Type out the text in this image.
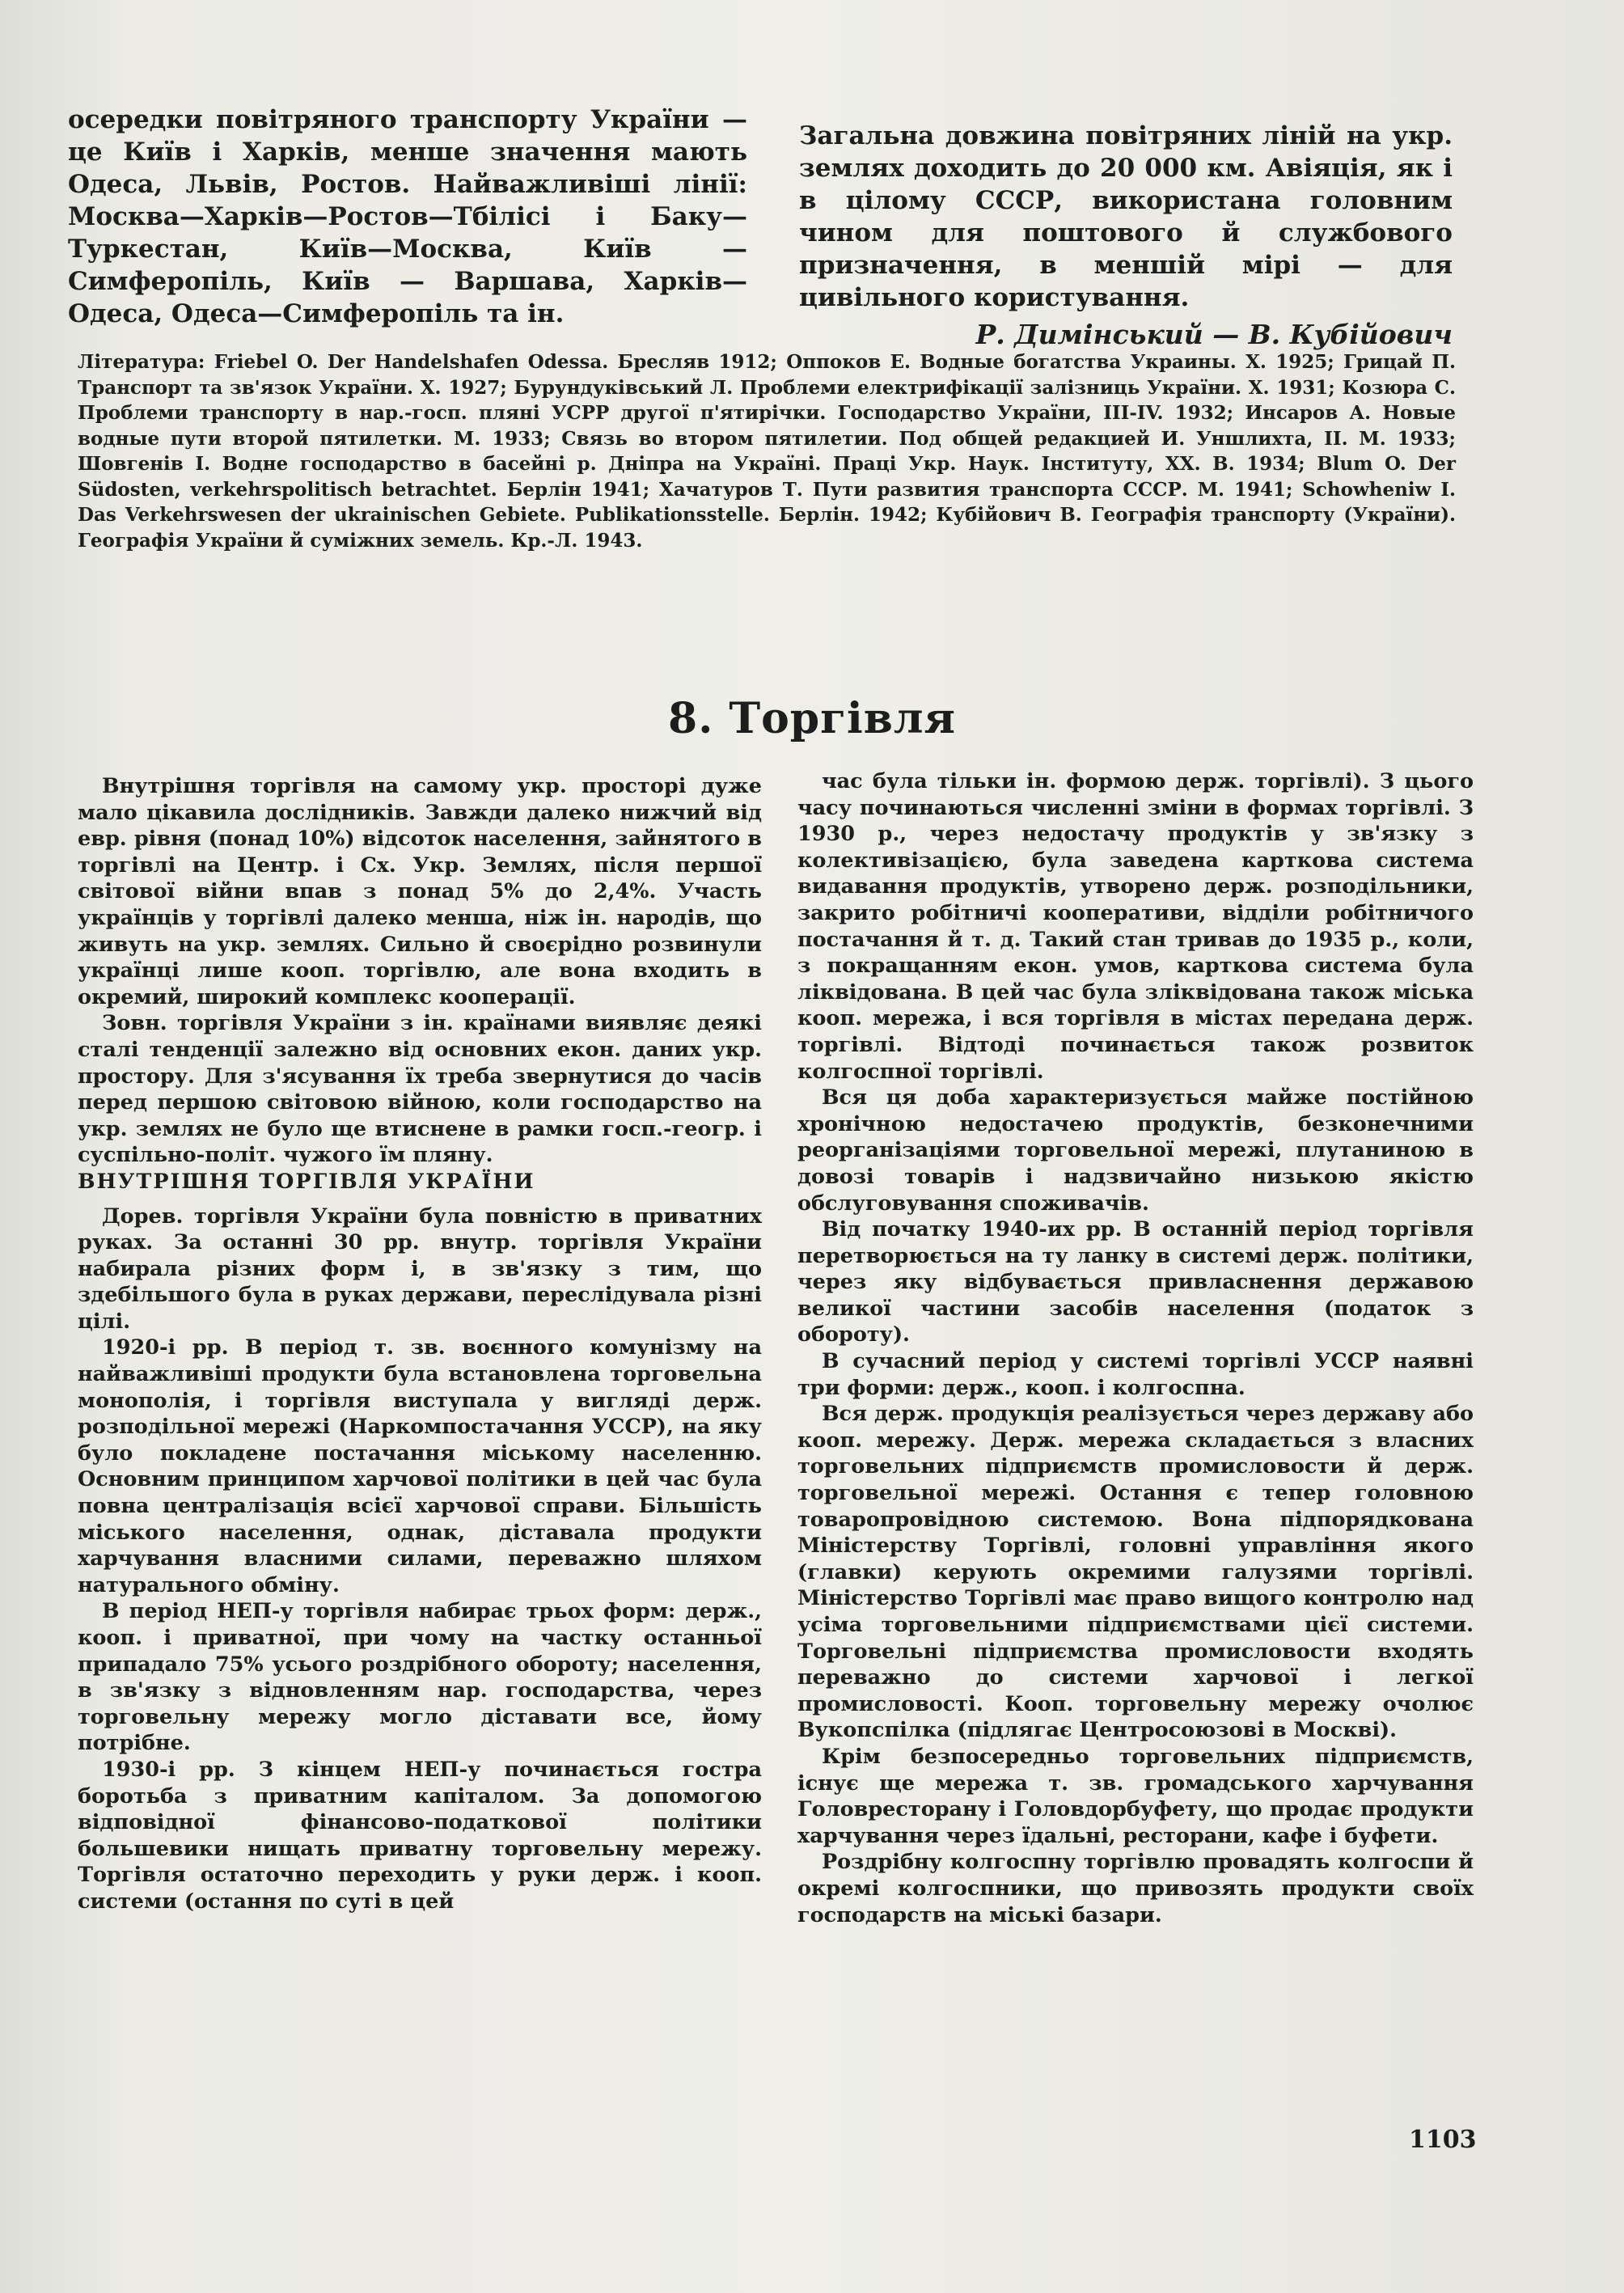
осередки повітряного транспорту України — це Київ і Харків, менше значення мають Одеса, Львів, Ростов. Найважливіші лінії: Москва—Харків—Ростов—Тбілісі і Баку—Туркестан, Київ—Москва, Київ — Симферопіль, Київ — Варшава, Харків—Одеса, Одеса—Симферопіль та ін.

Загальна довжина повітряних ліній на укр. землях доходить до 20 000 км. Авіяція, як і в цілому СССР, використана головним чином для поштового й службового призначення, в меншій мірі — для цивільного користування.

Р. Димінський — В. Кубійович

Література: Friebel O. Der Handelshafen Odessa. Бресляв 1912; Оппоков Е. Водные богатства Украины. Х. 1925; Грицай П. Транспорт та зв'язок України. Х. 1927; Бурундуківський Л. Проблеми електрифікації залізниць України. Х. 1931; Козюра С. Проблеми транспорту в нар.-госп. пляні УСРР другої п'ятирічки. Господарство України, III-IV. 1932; Инсаров А. Новые водные пути второй пятилетки. М. 1933; Связь во втором пятилетии. Под общей редакцией И. Уншлихта, II. М. 1933; Шовгенів І. Водне господарство в басейні р. Дніпра на Україні. Праці Укр. Наук. Інституту, XX. В. 1934; Blum O. Der Südosten, verkehrspolitisch betrachtet. Берлін 1941; Хачатуров Т. Пути развития транспорта СССР. М. 1941; Schowheniw I. Das Verkehrswesen der ukrainischen Gebiete. Publikationsstelle. Берлін. 1942; Кубійович В. Географія транспорту (України). Географія України й суміжних земель. Кр.-Л. 1943.

8. Торгівля

Внутрішня торгівля на самому укр. просторі дуже мало цікавила дослідників. Завжди далеко нижчий від евр. рівня (понад 10%) відсоток населення, зайнятого в торгівлі на Центр. і Сх. Укр. Землях, після першої світової війни впав з понад 5% до 2,4%. Участь українців у торгівлі далеко менша, ніж ін. народів, що живуть на укр. землях. Сильно й своєрідно розвинули українці лише кооп. торгівлю, але вона входить в окремий, широкий комплекс кооперації.

Зовн. торгівля України з ін. країнами виявляє деякі сталі тенденції залежно від основних екон. даних укр. простору. Для з'ясування їх треба звернутися до часів перед першою світовою війною, коли господарство на укр. землях не було ще втиснене в рамки госп.-геогр. і суспільно-політ. чужого їм пляну.

ВНУТРІШНЯ ТОРГІВЛЯ УКРАЇНИ

Дорев. торгівля України була повністю в приватних руках. За останні 30 рр. внутр. торгівля України набирала різних форм і, в зв'язку з тим, що здебільшого була в руках держави, переслідувала різні цілі.

1920-і рр. В період т. зв. воєнного комунізму на найважливіші продукти була встановлена торговельна монополія, і торгівля виступала у вигляді держ. розподільної мережі (Наркомпостачання УССР), на яку було покладене постачання міському населенню. Основним принципом харчової політики в цей час була повна централізація всієї харчової справи. Більшість міського населення, однак, діставала продукти харчування власними силами, переважно шляхом натурального обміну.

В період НЕП-у торгівля набирає трьох форм: держ., кооп. і приватної, при чому на частку останньої припадало 75% усього роздрібного обороту; населення, в зв'язку з відновленням нар. господарства, через торговельну мережу могло діставати все, йому потрібне.

1930-і рр. З кінцем НЕП-у починається гостра боротьба з приватним капіталом. За допомогою відповідної фінансово-податкової політики большевики нищать приватну торговельну мережу. Торгівля остаточно переходить у руки держ. і кооп. системи (остання по суті в цей

час була тільки ін. формою держ. торгівлі). З цього часу починаються численні зміни в формах торгівлі. З 1930 р., через недостачу продуктів у зв'язку з колективізацією, була заведена карткова система видавання продуктів, утворено держ. розподільники, закрито робітничі кооперативи, відділи робітничого постачання й т. д. Такий стан тривав до 1935 р., коли, з покращанням екон. умов, карткова система була ліквідована. В цей час була зліквідована також міська кооп. мережа, і вся торгівля в містах передана держ. торгівлі. Відтоді починається також розвиток колгоспної торгівлі.

Вся ця доба характеризується майже постійною хронічною недостачею продуктів, безконечними реорганізаціями торговельної мережі, плутаниною в довозі товарів і надзвичайно низькою якістю обслуговування споживачів.

Від початку 1940-их рр. В останній період торгівля перетворюється на ту ланку в системі держ. політики, через яку відбувається привласнення державою великої частини засобів населення (податок з обороту).

В сучасний період у системі торгівлі УССР наявні три форми: держ., кооп. і колгоспна.

Вся держ. продукція реалізується через державу або кооп. мережу. Держ. мережа складається з власних торговельних підприємств промисловости й держ. торговельної мережі. Остання є тепер головною товаропровідною системою. Вона підпорядкована Міністерству Торгівлі, головні управління якого (главки) керують окремими галузями торгівлі. Міністерство Торгівлі має право вищого контролю над усіма торговельними підприємствами цієї системи. Торговельні підприємства промисловости входять переважно до системи харчової і легкої промисловості. Кооп. торговельну мережу очолює Вукопспілка (підлягає Центросоюзові в Москві).

Крім безпосередньо торговельних підприємств, існує ще мережа т. зв. громадського харчування Головресторану і Головдорбуфету, що продає продукти харчування через їдальні, ресторани, кафе і буфети.

Роздрібну колгоспну торгівлю провадять колгоспи й окремі колгоспники, що привозять продукти своїх господарств на міські базари.

1103
